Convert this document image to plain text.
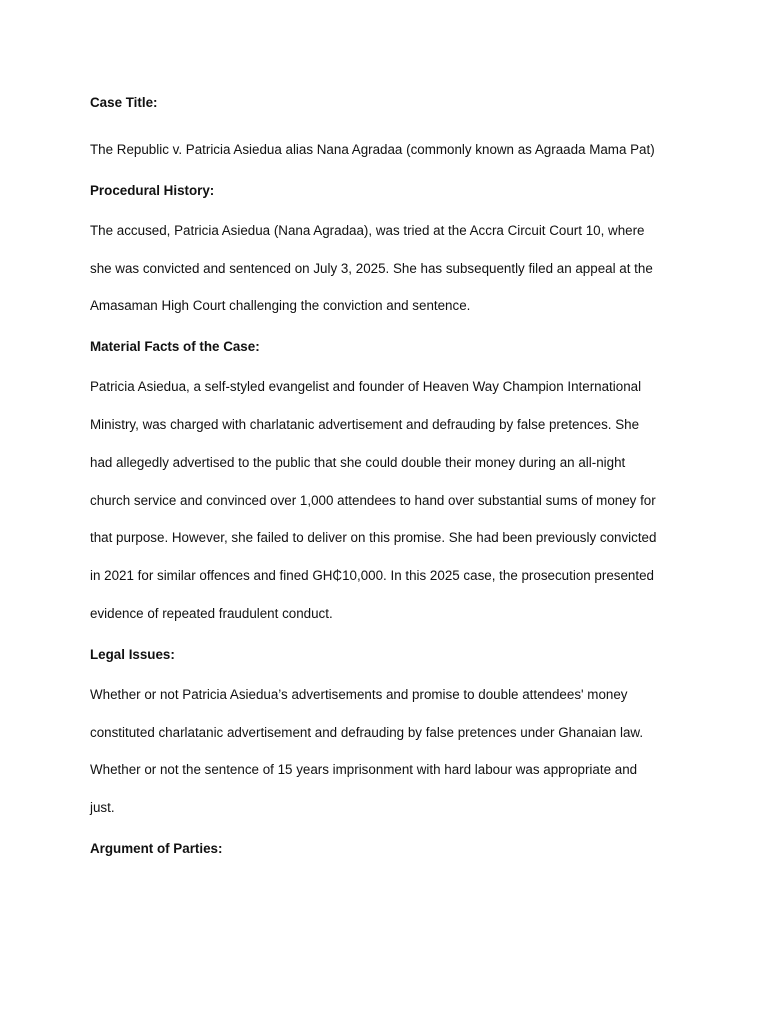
Case Title:
The Republic v. Patricia Asiedua alias Nana Agradaa (commonly known as Agraada Mama Pat)
Procedural History:
The accused, Patricia Asiedua (Nana Agradaa), was tried at the Accra Circuit Court 10, where
she was convicted and sentenced on July 3, 2025. She has subsequently filed an appeal at the
Amasaman High Court challenging the conviction and sentence.
Material Facts of the Case:
Patricia Asiedua, a self-styled evangelist and founder of Heaven Way Champion International
Ministry, was charged with charlatanic advertisement and defrauding by false pretences. She
had allegedly advertised to the public that she could double their money during an all-night
church service and convinced over 1,000 attendees to hand over substantial sums of money for
that purpose. However, she failed to deliver on this promise. She had been previously convicted
in 2021 for similar offences and fined GH₵10,000. In this 2025 case, the prosecution presented
evidence of repeated fraudulent conduct.
Legal Issues:
Whether or not Patricia Asiedua’s advertisements and promise to double attendees' money
constituted charlatanic advertisement and defrauding by false pretences under Ghanaian law.
Whether or not the sentence of 15 years imprisonment with hard labour was appropriate and
just.
Argument of Parties:
